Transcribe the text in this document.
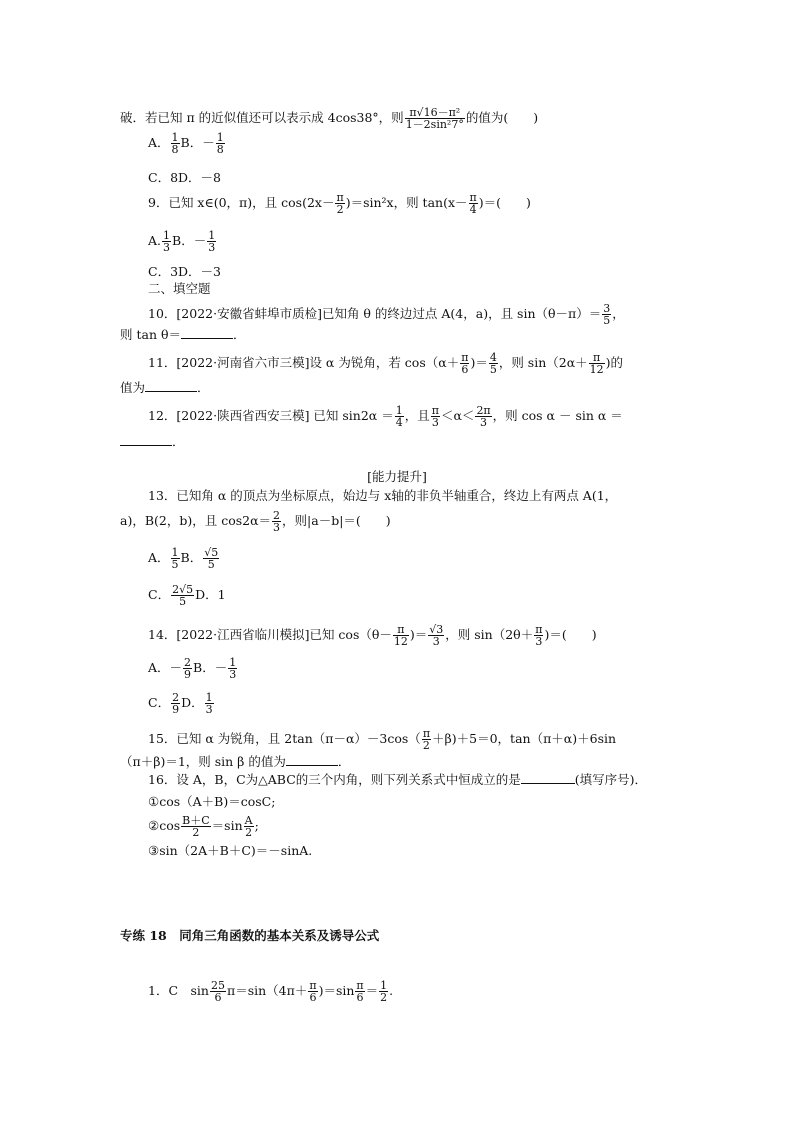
破．若已知 π 的近似值还可以表示成 4cos38°，则 $\frac{\text{π√16－π²}}{\text{1－2sin²7°}}$ 的值为(　　)
A． $\frac{1}{8}$ B．－ $\frac{1}{8}$
C．8D．－8
9．已知 x∈(0，π)，且 $\cos(2x- \frac{\pi}{2} )=\sin^2x$，则 $\tan(x- \frac{\pi}{4}$ )＝(　　)
A. $\frac{1}{3}$ B．－ $\frac{1}{3}$
C．3D．－3
二、填空题
10．[2022·安徽省蚌埠市质检]已知角 θ 的终边过点 A(4，a)，且 $\sin(\theta-\pi)= \frac{3}{5}$ ，
则 tan θ＝	．
11．[2022·河南省六市三模]设 α 为锐角，若 $\cos(\alpha+ \frac{\pi}{6}$ )＝ $\frac{4}{5}$ ，则 $\sin(2\alpha+ \frac{\pi}{12}$ )的
值为	．
12．[2022·陕西省西安三模] 已知 $\sin 2\alpha = \frac{1}{4}$ ，且 $\frac{\pi}{3} <\alpha< \frac{2\pi}{3}$ ，则 cos α － sin α ＝
．
[能力提升]
13．已知角 α 的顶点为坐标原点，始边与 x轴的非负半轴重合，终边上有两点 A(1，
a)，B(2，b)，且 $\cos 2\alpha= \frac{2}{3}$ ，则|a－b|＝(　　)
A． $\frac{1}{5}$ B． $\frac{√5}{5}$
C． $\frac{2√5}{5}$ D．1
14．[2022·江西省临川模拟]已知 $\cos(\theta- \frac{\pi}{12}$ )＝ $\frac{√3}{3}$ ，则 $\sin(2\theta+ \frac{\pi}{3}$ )＝(　　)
A．－ $\frac{2}{9}$ B．－ $\frac{1}{3}$
C． $\frac{2}{9}$ D． $\frac{1}{3}$
15．已知 α 为锐角，且 $2\tan(\pi-\alpha)-3\cos( \frac{\pi}{2} +\beta)+5=0$，tan（π＋α)＋6sin
（π＋β)＝1，则 sin β 的值为	．
16．设 A，B，C为△ABC的三个内角，则下列关系式中恒成立的是	(填写序号)．
①cos（A＋B)＝cosC;
②cos $\frac{B+C}{2} =\sin \frac{A}{2}$ ;
③sin（2A＋B＋C)＝－sinA.
专练 18　同角三角函数的基本关系及诱导公式
1．C　$\sin \frac{25}{6} \pi=\sin(4\pi+ \frac{\pi}{6} )=\sin \frac{\pi}{6} = \frac{1}{2}$ .
